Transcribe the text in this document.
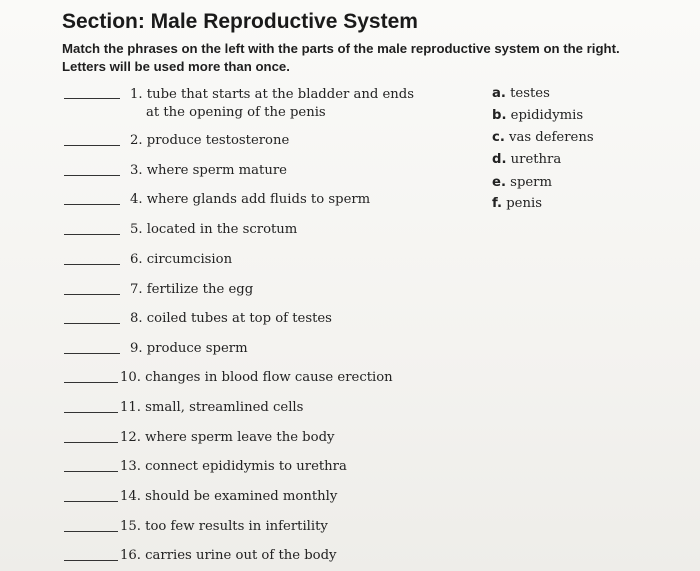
Section: Male Reproductive System
Match the phrases on the left with the parts of the male reproductive system on the right. Letters will be used more than once.
1. tube that starts at the bladder and ends
at the opening of the penis
2. produce testosterone
3. where sperm mature
4. where glands add fluids to sperm
5. located in the scrotum
6. circumcision
7. fertilize the egg
8. coiled tubes at top of testes
9. produce sperm
10. changes in blood flow cause erection
11. small, streamlined cells
12. where sperm leave the body
13. connect epididymis to urethra
14. should be examined monthly
15. too few results in infertility
16. carries urine out of the body
a. testes
b. epididymis
c. vas deferens
d. urethra
e. sperm
f. penis
